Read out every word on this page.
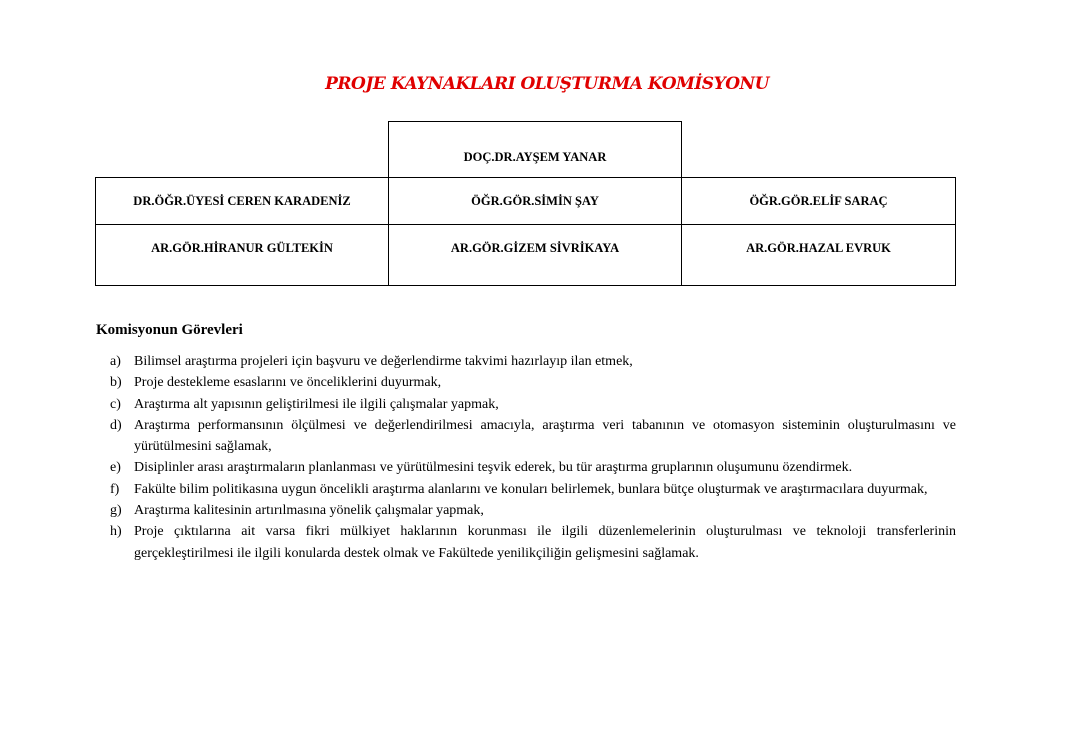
PROJE KAYNAKLARI OLUŞTURMA KOMİSYONU
DOÇ.DR.AYŞEM YANAR
DR.ÖĞR.ÜYESİ CEREN KARADENİZ	ÖĞR.GÖR.SİMİN ŞAY	ÖĞR.GÖR.ELİF SARAÇ
AR.GÖR.HİRANUR GÜLTEKİN	AR.GÖR.GİZEM SİVRİKAYA	AR.GÖR.HAZAL EVRUK
Komisyonun Görevleri
a) Bilimsel araştırma projeleri için başvuru ve değerlendirme takvimi hazırlayıp ilan etmek,
b) Proje destekleme esaslarını ve önceliklerini duyurmak,
c) Araştırma alt yapısının geliştirilmesi ile ilgili çalışmalar yapmak,
d) Araştırma performansının ölçülmesi ve değerlendirilmesi amacıyla, araştırma veri tabanının ve otomasyon sisteminin oluşturulmasını ve yürütülmesini sağlamak,
e) Disiplinler arası araştırmaların planlanması ve yürütülmesini teşvik ederek, bu tür araştırma gruplarının oluşumunu özendirmek.
f)	Fakülte bilim politikasına uygun öncelikli araştırma alanlarını ve konuları belirlemek, bunlara bütçe oluşturmak ve araştırmacılara duyurmak,
g) Araştırma kalitesinin artırılmasına yönelik çalışmalar yapmak,
h) Proje çıktılarına ait varsa fikri mülkiyet haklarının korunması ile ilgili düzenlemelerinin oluşturulması ve teknoloji transferlerinin gerçekleştirilmesi ile ilgili konularda destek olmak ve Fakültede yenilikçiliğin gelişmesini sağlamak.
